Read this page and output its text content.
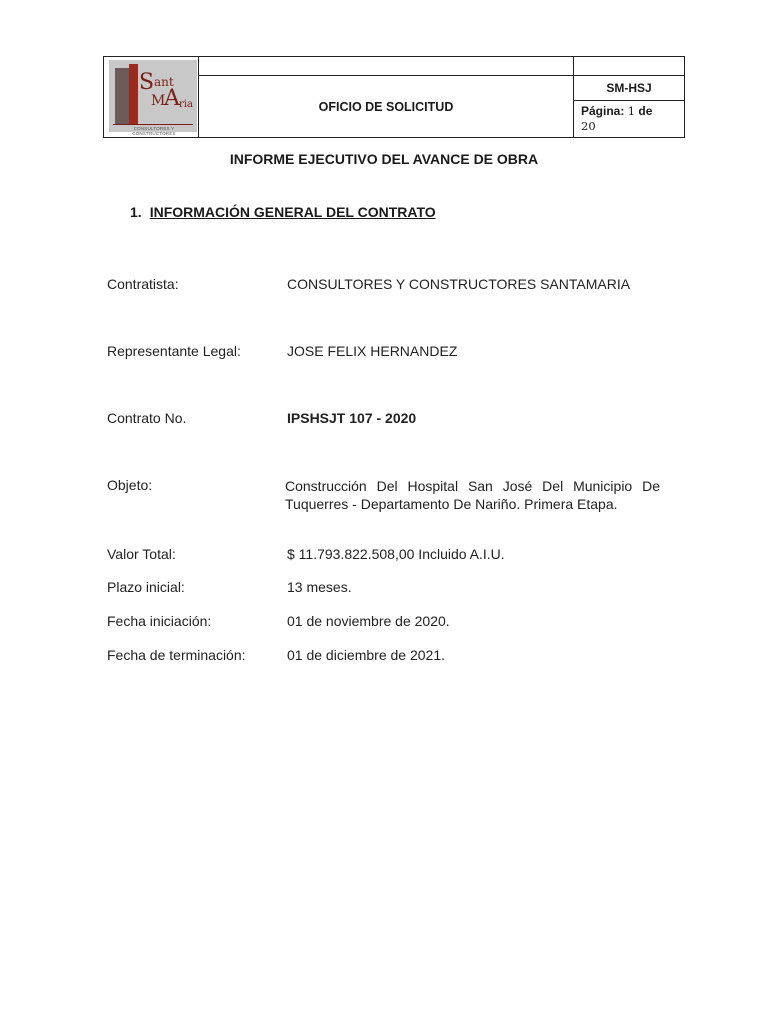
S ant
M
A ria
CONSULTORES Y CONSTRUCTORES
OFICIO DE SOLICITUD
SM-HSJ
Página: 1 de
20
INFORME EJECUTIVO DEL AVANCE DE OBRA
1. INFORMACIÓN GENERAL DEL CONTRATO
Contratista:	CONSULTORES Y CONSTRUCTORES SANTAMARIA
Representante Legal:	JOSE FELIX HERNANDEZ
Contrato No.	IPSHSJT 107 - 2020
Objeto:	Construcción Del Hospital San José Del Municipio De Tuquerres - Departamento De Nariño. Primera Etapa.
Valor Total:	$ 11.793.822.508,00 Incluido A.I.U.
Plazo inicial:	13 meses.
Fecha iniciación:	01 de noviembre de 2020.
Fecha de terminación:	01 de diciembre de 2021.
